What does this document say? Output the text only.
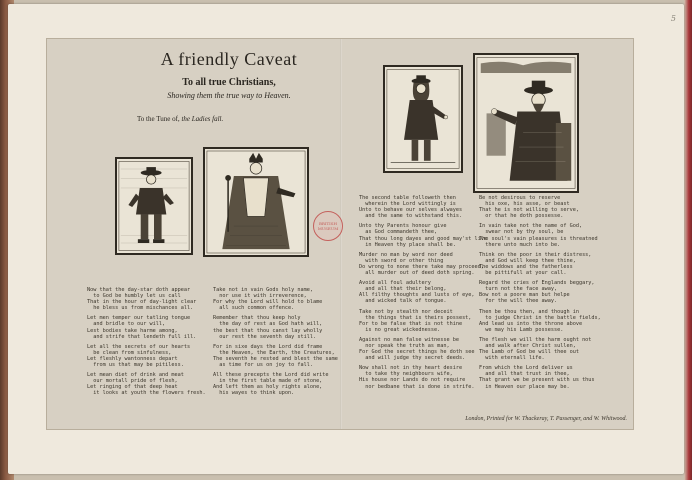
5
A friendly Caveat
To all true Christians,
Showing them the true way to Heaven.
To the Tune of, the Ladies fall.
BRITISH MUSEUM
Now that the day-star doth appear
to God be humbly let us call
That in the hour of day-light clear
he bless us from mischances all.
Let men temper our tatling tongue
and bridle to our will,
Lest bodies take harme among,
and strife that lendeth full ill.
Let all the secrets of our hearts
be clean from sinfulness,
Let fleshly wantonness depart
from us that may be pitiless.
Let mean diet of drink and meat
our mortall pride of flesh,
Let ringing of that deep heat
it looks at youth the flowers fresh.
Take not in vain Gods holy name,
nor use it with irreverence,
For why the Lord will hold to blame
all such common offence.
Remember that thou keep holy
the day of rest as God hath will,
the best that thou canst lay wholly
our rest the seventh day still.
For in sixe days the Lord did frame
the Heaven, the Earth, the Creatures,
The seventh he rested and blest the same
as time for us on joy to fall.
All these precepts the Lord did write
in the first table made of stone,
And left them as holy rights alone,
his wayes to think upon.
The second table followeth then
wherein the Lord wittingly is
Unto to behave our selves alwayes
and the same to withstand this.
Unto thy Parents honour give
as God commandeth thee,
That thou long dayes and good may'st live
in Heaven thy place shall be.
Murder no man by word nor deed
with sword or other thing
Do wrong to none there take may proceed,
all murder out of deed doth spring.
Avoid all foul adultery
and all that their belong,
All filthy thoughts and lusts of eye,
and wicked talk of tongue.
Take not by stealth nor deceit
the things that is theirs possest,
For to be false that is not thine
is no great wickednesse.
Against no man false witnesse be
nor speak the truth as man,
For God the secret things he doth see
and will judge thy secret deeds.
Now shall not in thy heart desire
to take thy neighbours wife,
His house nor Lands do not require
nor bedbane that is done in strife.
Be not desirous to reserve
his oxe, his asse, or beast
That he is not willing to serve,
or that he doth possesse.
In vain take not the name of God,
swear not by thy soul, be
The soul's vain pleasures is threatned
there unto much into be.
Think on the poor in their distress,
and God will keep thee thine,
The widdows and the fatherless
be pittifull at your call.
Regard the cries of Englands beggary,
turn not the face away,
Bow not a poore man but helpe
for the will thee away.
Then be thou then, and though in
to judge Christ in the battle fields,
And lead us into the throne above
we may his Lamb possesse.
The flesh we will the harm ought not
and walk after Christ sullen,
The Lamb of God be will thee out
with eternall life.
From which the Lord deliver us
and all that trust in thee,
That grant we be present with us thus
in Heaven our place may be.
London, Printed for W. Thackeray, T. Passenger, and W. Whitwood.
